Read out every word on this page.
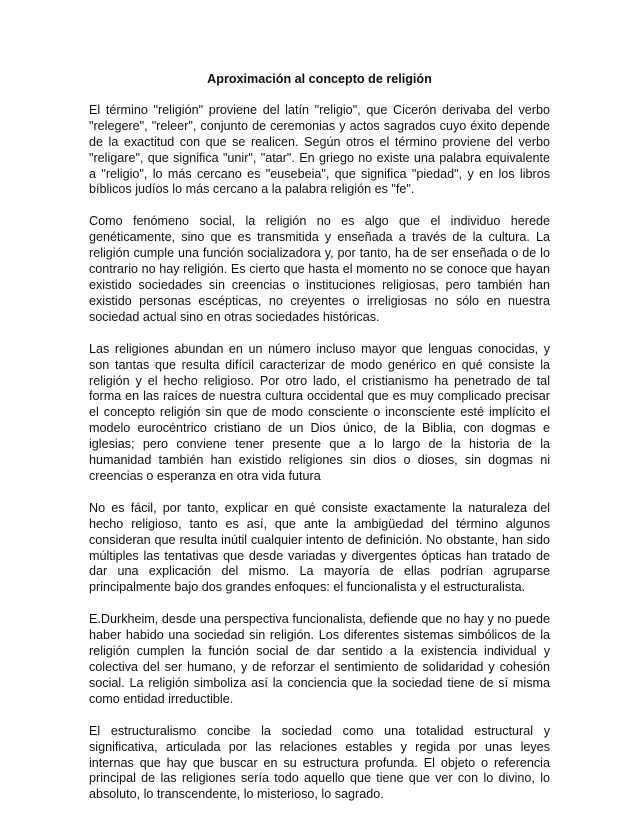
Aproximación al concepto de religión

El término "religión" proviene del latín "religio", que Cicerón derivaba del verbo "relegere", "releer", conjunto de ceremonias y actos sagrados cuyo éxito depende de la exactitud con que se realicen. Según otros el término proviene del verbo "religare", que significa "unir", "atar". En griego no existe una palabra equivalente a "religio", lo más cercano es "eusebeia", que significa "piedad", y en los libros bíblicos judíos lo más cercano a la palabra religión es "fe".

Como fenómeno social, la religión no es algo que el individuo herede genéticamente, sino que es transmitida y enseñada a través de la cultura. La religión cumple una función socializadora y, por tanto, ha de ser enseñada o de lo contrario no hay religión. Es cierto que hasta el momento no se conoce que hayan existido sociedades sin creencias o instituciones religiosas, pero también han existido personas escépticas, no creyentes o irreligiosas no sólo en nuestra sociedad actual sino en otras sociedades históricas.

Las religiones abundan en un número incluso mayor que lenguas conocidas, y son tantas que resulta difícil caracterizar de modo genérico en qué consiste la religión y el hecho religioso. Por otro lado, el cristianismo ha penetrado de tal forma en las raíces de nuestra cultura occidental que es muy complicado precisar el concepto religión sin que de modo consciente o inconsciente esté implícito el modelo eurocéntrico cristiano de un Dios único, de la Biblia, con dogmas e iglesias; pero conviene tener presente que a lo largo de la historia de la humanidad también han existido religiones sin dios o dioses, sin dogmas ni creencias o esperanza en otra vida futura

No es fácil, por tanto, explicar en qué consiste exactamente la naturaleza del hecho religioso, tanto es así, que ante la ambigüedad del término algunos consideran que resulta inútil cualquier intento de definición. No obstante, han sido múltiples las tentativas que desde variadas y divergentes ópticas han tratado de dar una explicación del mismo. La mayoría de ellas podrían agruparse principalmente bajo dos grandes enfoques: el funcionalista y el estructuralista.

E.Durkheim, desde una perspectiva funcionalista, defiende que no hay y no puede haber habido una sociedad sin religión. Los diferentes sistemas simbólicos de la religión cumplen la función social de dar sentido a la existencia individual y colectiva del ser humano, y de reforzar el sentimiento de solidaridad y cohesión social. La religión simboliza así la conciencia que la sociedad tiene de sí misma como entidad irreductible.

El estructuralismo concibe la sociedad como una totalidad estructural y significativa, articulada por las relaciones estables y regida por unas leyes internas que hay que buscar en su estructura profunda. El objeto o referencia principal de las religiones sería todo aquello que tiene que ver con lo divino, lo absoluto, lo transcendente, lo misterioso, lo sagrado.
